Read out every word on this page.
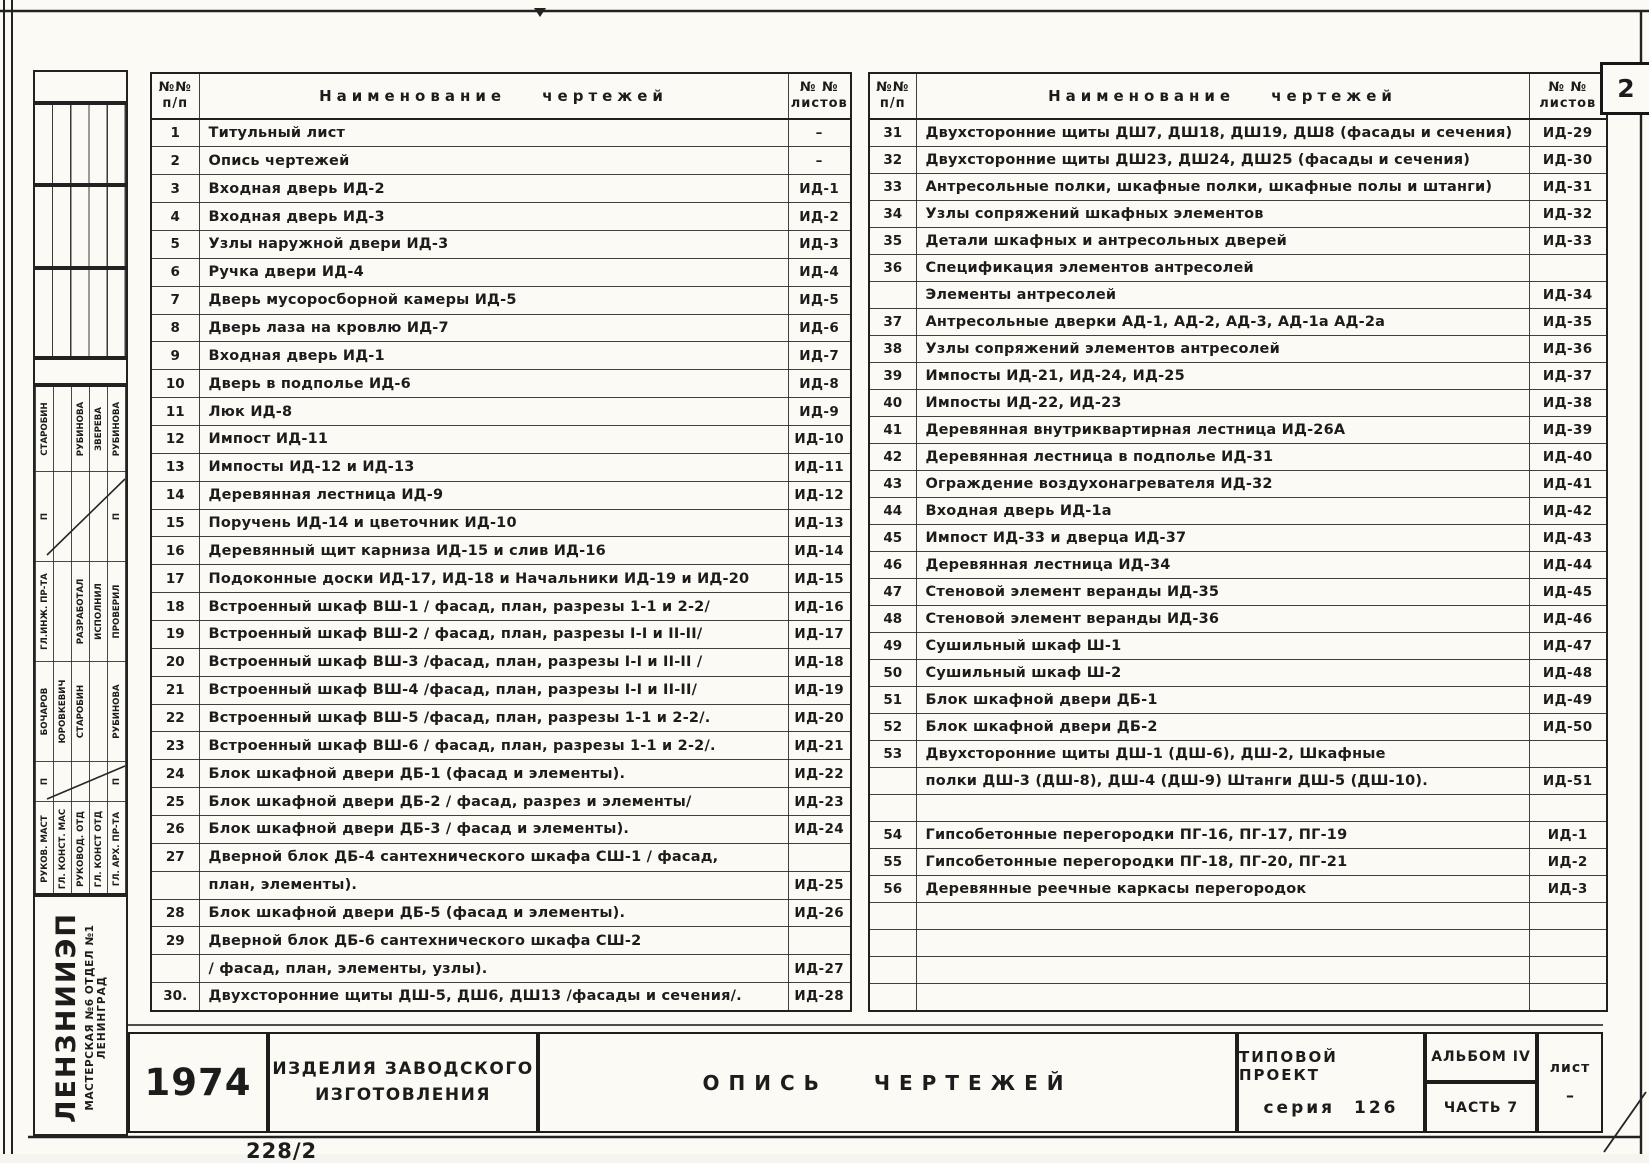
2
РУКОВ. МАСТ	П	БОЧАРОВ	ГЛ.ИНЖ. ПР-ТА	П	СТАРОБИН
ГЛ. КОНСТ. МАС		ЮРОВКЕВИЧ			
РУКОВОД. ОТД		СТАРОБИН	РАЗРАБОТАЛ		РУБИНОВА
ГЛ. КОНСТ ОТД			ИСПОЛНИЛ		ЗВЕРЕВА
ГЛ. АРХ. ПР-ТА	П	РУБИНОВА	ПРОВЕРИЛ	П	РУБИНОВА
ЛЕНЗНИИЭП МАСТЕРСКАЯ №6 ОТДЕЛ №1 ЛЕНИНГРАД
№№
п/п	Наименование чертежей	№ №
листов

1	Титульный лист	–
2	Опись чертежей	–
3	Входная дверь ИД-2	ИД-1
4	Входная дверь ИД-3	ИД-2
5	Узлы наружной двери ИД-3	ИД-3
6	Ручка двери ИД-4	ИД-4
7	Дверь мусоросборной камеры ИД-5	ИД-5
8	Дверь лаза на кровлю ИД-7	ИД-6
9	Входная дверь ИД-1	ИД-7
10	Дверь в подполье ИД-6	ИД-8
11	Люк ИД-8	ИД-9
12	Импост ИД-11	ИД-10
13	Импосты ИД-12 и ИД-13	ИД-11
14	Деревянная лестница ИД-9	ИД-12
15	Поручень ИД-14 и цветочник ИД-10	ИД-13
16	Деревянный щит карниза ИД-15 и слив ИД-16	ИД-14
17	Подоконные доски ИД-17, ИД-18 и Начальники ИД-19 и ИД-20	ИД-15
18	Встроенный шкаф ВШ-1 / фасад, план, разрезы 1-1 и 2-2/	ИД-16
19	Встроенный шкаф ВШ-2 / фасад, план, разрезы I-I и II-II/	ИД-17
20	Встроенный шкаф ВШ-3 /фасад, план, разрезы I-I и II-II /	ИД-18
21	Встроенный шкаф ВШ-4 /фасад, план, разрезы I-I и II-II/	ИД-19
22	Встроенный шкаф ВШ-5 /фасад, план, разрезы 1-1 и 2-2/.	ИД-20
23	Встроенный шкаф ВШ-6 / фасад, план, разрезы 1-1 и 2-2/.	ИД-21
24	Блок шкафной двери ДБ-1 (фасад и элементы).	ИД-22
25	Блок шкафной двери ДБ-2 / фасад, разрез и элементы/	ИД-23
26	Блок шкафной двери ДБ-3 / фасад и элементы).	ИД-24
27	Дверной блок ДБ-4 сантехнического шкафа СШ-1 / фасад,	
	план, элементы).	ИД-25
28	Блок шкафной двери ДБ-5 (фасад и элементы).	ИД-26
29	Дверной блок ДБ-6 сантехнического шкафа СШ-2	
	/ фасад, план, элементы, узлы).	ИД-27
30.	Двухсторонние щиты ДШ-5, ДШ6, ДШ13 /фасады и сечения/.	ИД-28
№№
п/п	Наименование чертежей	№ №
листов

31	Двухсторонние щиты ДШ7, ДШ18, ДШ19, ДШ8 (фасады и сечения)	ИД-29
32	Двухсторонние щиты ДШ23, ДШ24, ДШ25 (фасады и сечения)	ИД-30
33	Антресольные полки, шкафные полки, шкафные полы и штанги)	ИД-31
34	Узлы сопряжений шкафных элементов	ИД-32
35	Детали шкафных и антресольных дверей	ИД-33
36	Спецификация элементов антресолей	
	Элементы антресолей	ИД-34
37	Антресольные дверки АД-1, АД-2, АД-3, АД-1а АД-2а	ИД-35
38	Узлы сопряжений элементов антресолей	ИД-36
39	Импосты ИД-21, ИД-24, ИД-25	ИД-37
40	Импосты ИД-22, ИД-23	ИД-38
41	Деревянная внутриквартирная лестница ИД-26А	ИД-39
42	Деревянная лестница в подполье ИД-31	ИД-40
43	Ограждение воздухонагревателя ИД-32	ИД-41
44	Входная дверь ИД-1а	ИД-42
45	Импост ИД-33 и дверца ИД-37	ИД-43
46	Деревянная лестница ИД-34	ИД-44
47	Стеновой элемент веранды ИД-35	ИД-45
48	Стеновой элемент веранды ИД-36	ИД-46
49	Сушильный шкаф Ш-1	ИД-47
50	Сушильный шкаф Ш-2	ИД-48
51	Блок шкафной двери ДБ-1	ИД-49
52	Блок шкафной двери ДБ-2	ИД-50
53	Двухсторонние щиты ДШ-1 (ДШ-6), ДШ-2, Шкафные	
	полки ДШ-3 (ДШ-8), ДШ-4 (ДШ-9) Штанги ДШ-5 (ДШ-10).	ИД-51

54	Гипсобетонные перегородки ПГ-16, ПГ-17, ПГ-19	ИД-1
55	Гипсобетонные перегородки ПГ-18, ПГ-20, ПГ-21	ИД-2
56	Деревянные реечные каркасы перегородок	ИД-3

1974 ИЗДЕЛИЯ ЗАВОДСКОГО
ИЗГОТОВЛЕНИЯ	ОПИСЬ ЧЕРТЕЖЕЙ
ТИПОВОЙ ПРОЕКТ
серия 126
АЛЬБОМ IV
ЧАСТЬ 7
лист
–
228/2
